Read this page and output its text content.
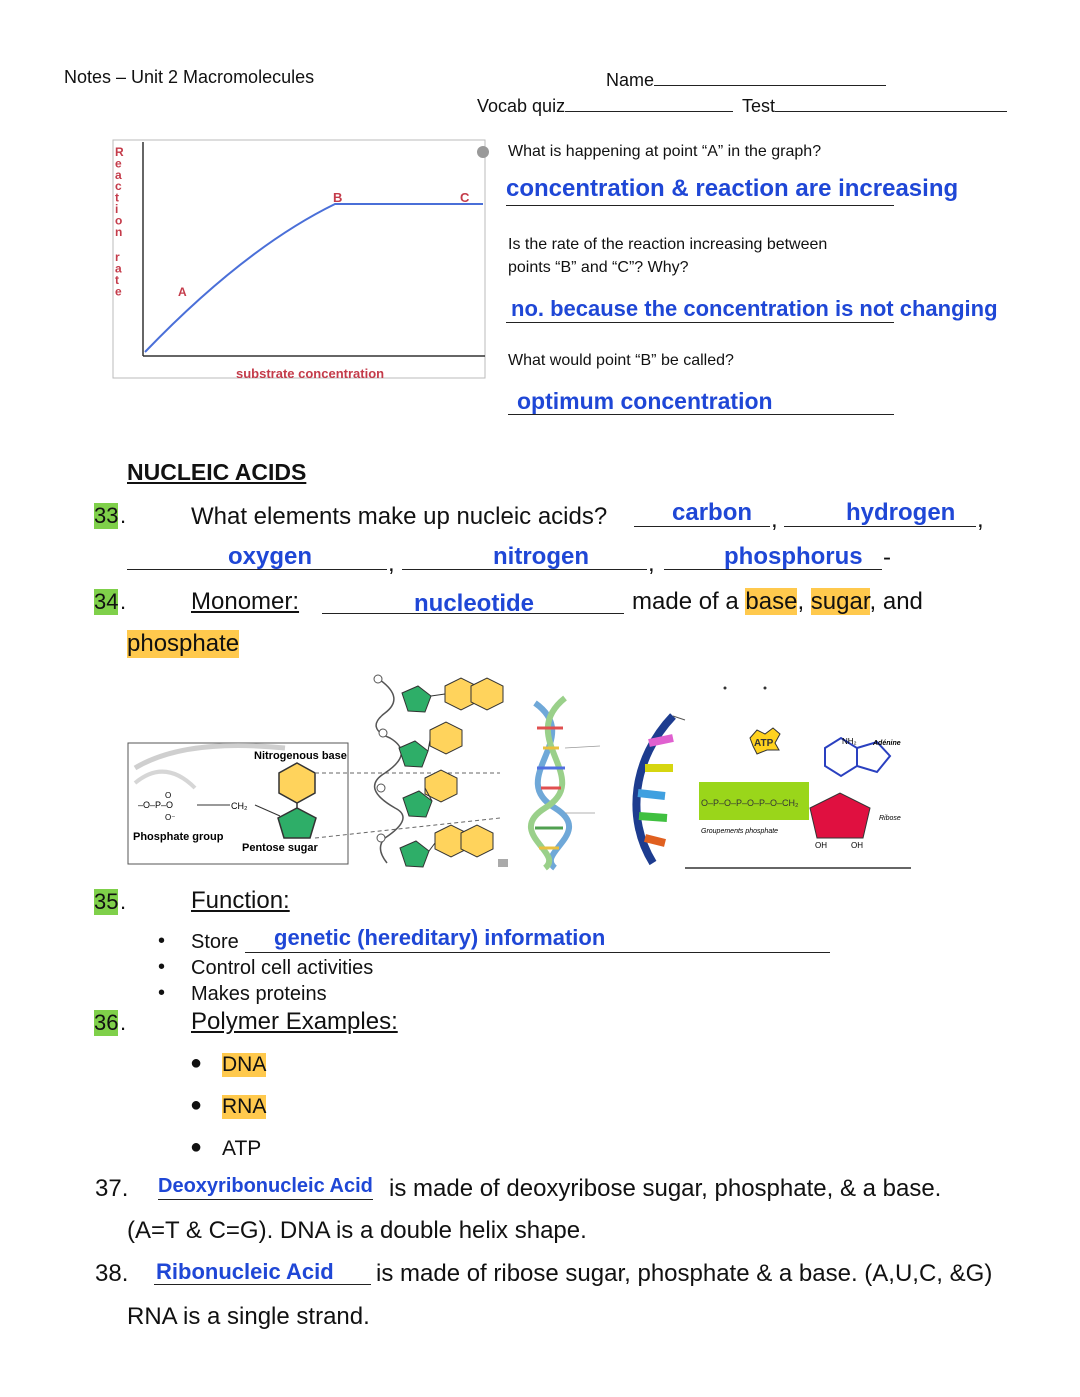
Notes – Unit 2 Macromolecules	Name
Vocab quiz	Test
A
B	C
substrate concentration
R
e
a
c
t
i
o
n
r
a
t
e
What is happening at point “A” in the graph?
concentration & reaction are increasing
Is the rate of the reaction increasing between
points “B” and “C”? Why?
no. because the concentration is not changing
What would point “B” be called?
optimum concentration
NUCLEIC ACIDS
33 .	What elements make up nucleic acids?	carbon ,	hydrogen ,
oxygen	,	nitrogen ,	phosphorus -
34 .	Monomer:	nucleotide	made of a base, sugar, and
phosphate
–O–P–O
O
O⁻
CH₂
Nitrogenous base
Phosphate group
Pentose sugar
ATP
O–P–O–P–O–P–O–CH₂
Groupements phosphate
NH₂ Adénine
Ribose
OH	OH
35 .	Function:
• Store genetic (hereditary) information
• Control cell activities
• Makes proteins
36 .	Polymer Examples:
● DNA
● RNA
● ATP
37. Deoxyribonucleic Acid is made of deoxyribose sugar, phosphate, & a base.
(A=T & C=G). DNA is a double helix shape.
38. Ribonucleic Acid is made of ribose sugar, phosphate & a base. (A,U,C, &G)
RNA is a single strand.
